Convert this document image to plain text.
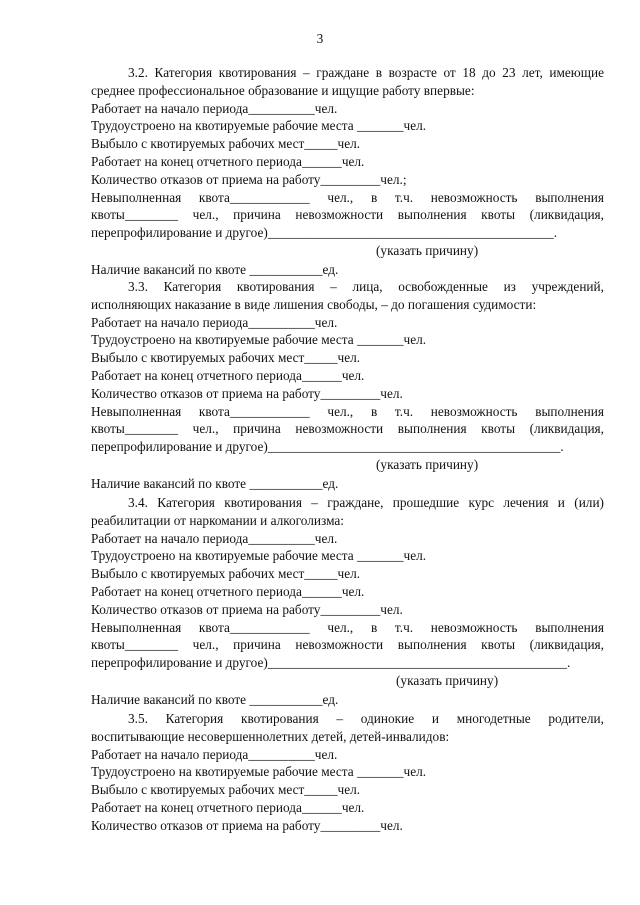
3
3.2. Категория квотирования – граждане в возрасте от 18 до 23 лет, имеющие
среднее профессиональное образование и ищущие работу впервые:
Работает на начало периода__________чел.
Трудоустроено на квотируемые рабочие места _______чел.
Выбыло с квотируемых рабочих мест_____чел.
Работает на конец отчетного периода______чел.
Количество отказов от приема на работу_________чел.;
Невыполненная квота____________ чел., в т.ч. невозможность выполнения
квоты________ чел., причина невозможности выполнения квоты (ликвидация,
перепрофилирование и другое)___________________________________________.
(указать причину)
Наличие вакансий по квоте ___________ед.
3.3. Категория квотирования – лица, освобожденные из учреждений,
исполняющих наказание в виде лишения свободы, – до погашения судимости:
Работает на начало периода__________чел.
Трудоустроено на квотируемые рабочие места _______чел.
Выбыло с квотируемых рабочих мест_____чел.
Работает на конец отчетного периода______чел.
Количество отказов от приема на работу_________чел.
Невыполненная квота____________ чел., в т.ч. невозможность выполнения
квоты________ чел., причина невозможности выполнения квоты (ликвидация,
перепрофилирование и другое)____________________________________________.
(указать причину)
Наличие вакансий по квоте ___________ед.
3.4. Категория квотирования – граждане, прошедшие курс лечения и (или)
реабилитации от наркомании и алкоголизма:
Работает на начало периода__________чел.
Трудоустроено на квотируемые рабочие места _______чел.
Выбыло с квотируемых рабочих мест_____чел.
Работает на конец отчетного периода______чел.
Количество отказов от приема на работу_________чел.
Невыполненная квота____________ чел., в т.ч. невозможность выполнения
квоты________ чел., причина невозможности выполнения квоты (ликвидация,
перепрофилирование и другое)_____________________________________________.
(указать причину)
Наличие вакансий по квоте ___________ед.
3.5. Категория квотирования – одинокие и многодетные родители,
воспитывающие несовершеннолетних детей, детей-инвалидов:
Работает на начало периода__________чел.
Трудоустроено на квотируемые рабочие места _______чел.
Выбыло с квотируемых рабочих мест_____чел.
Работает на конец отчетного периода______чел.
Количество отказов от приема на работу_________чел.
